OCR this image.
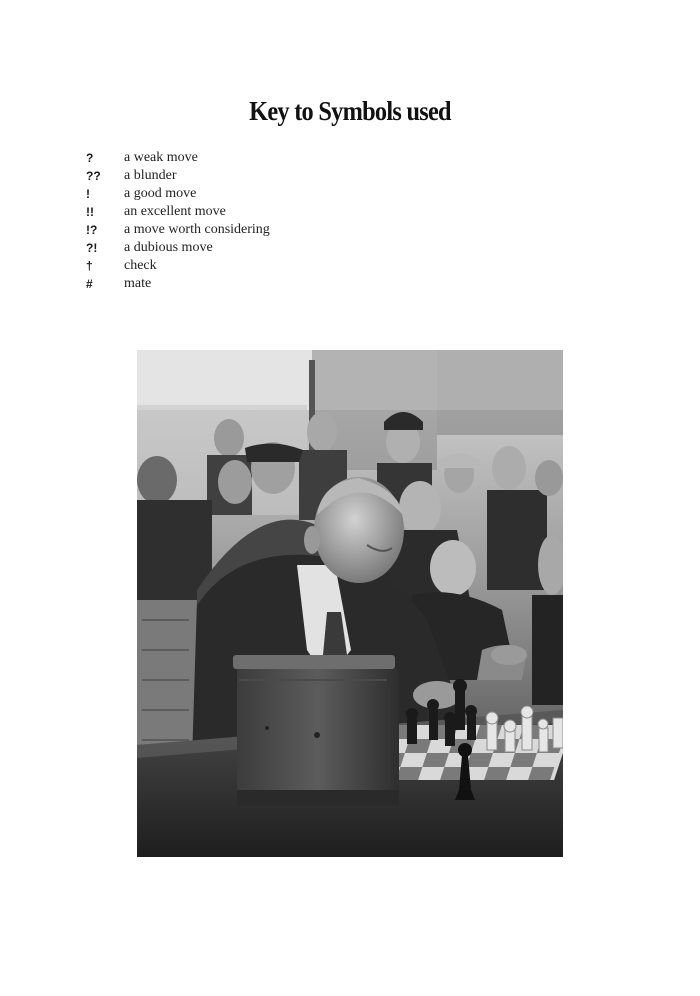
Key to Symbols used
?	a weak move
??	a blunder
!	a good move
!!	an excellent move
!?	a move worth considering
?!	a dubious move
†	check
#	mate
